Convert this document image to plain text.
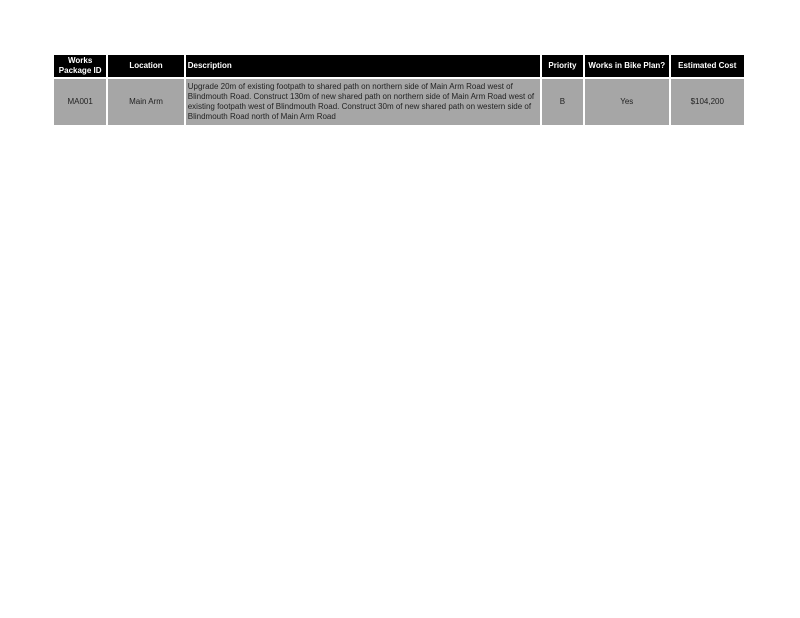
Works Package ID	Location	Description	Priority	Works in Bike Plan?	Estimated Cost
MA001	Main Arm	Upgrade 20m of existing footpath to shared path on northern side of Main Arm Road west of Blindmouth Road. Construct 130m of new shared path on northern side of Main Arm Road west of existing footpath west of Blindmouth Road. Construct 30m of new shared path on western side of Blindmouth Road north of Main Arm Road	B	Yes	$104,200
